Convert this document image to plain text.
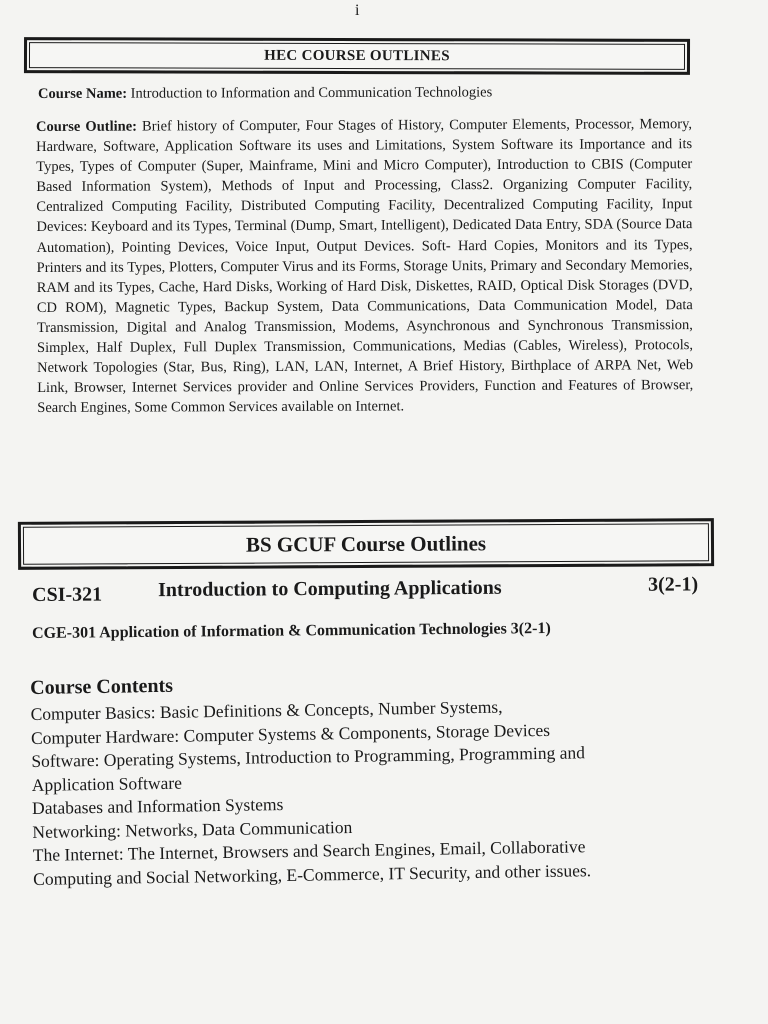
i
HEC COURSE OUTLINES
Course Name: Introduction to Information and Communication Technologies
Course Outline: Brief history of Computer, Four Stages of History, Computer Elements, Processor, Memory, Hardware, Software, Application Software its uses and Limitations, System Software its Importance and its Types, Types of Computer (Super, Mainframe, Mini and Micro Computer), Introduction to CBIS (Computer Based Information System), Methods of Input and Processing, Class2. Organizing Computer Facility, Centralized Computing Facility, Distributed Computing Facility, Decentralized Computing Facility, Input Devices: Keyboard and its Types, Terminal (Dump, Smart, Intelligent), Dedicated Data Entry, SDA (Source Data Automation), Pointing Devices, Voice Input, Output Devices. Soft- Hard Copies, Monitors and its Types, Printers and its Types, Plotters, Computer Virus and its Forms, Storage Units, Primary and Secondary Memories, RAM and its Types, Cache, Hard Disks, Working of Hard Disk, Diskettes, RAID, Optical Disk Storages (DVD, CD ROM), Magnetic Types, Backup System, Data Communications, Data Communication Model, Data Transmission, Digital and Analog Transmission, Modems, Asynchronous and Synchronous Transmission, Simplex, Half Duplex, Full Duplex Transmission, Communications, Medias (Cables, Wireless), Protocols, Network Topologies (Star, Bus, Ring), LAN, LAN, Internet, A Brief History, Birthplace of ARPA Net, Web Link, Browser, Internet Services provider and Online Services Providers, Function and Features of Browser, Search Engines, Some Common Services available on Internet.
BS GCUF Course Outlines
CSI-321	Introduction to Computing Applications	3(2-1)
CGE-301 Application of Information & Communication Technologies 3(2-1)
Course Contents
Computer Basics: Basic Definitions & Concepts, Number Systems,
Computer Hardware: Computer Systems & Components, Storage Devices
Software: Operating Systems, Introduction to Programming, Programming and
Application Software
Databases and Information Systems
Networking: Networks, Data Communication
The Internet: The Internet, Browsers and Search Engines, Email, Collaborative
Computing and Social Networking, E-Commerce, IT Security, and other issues.
